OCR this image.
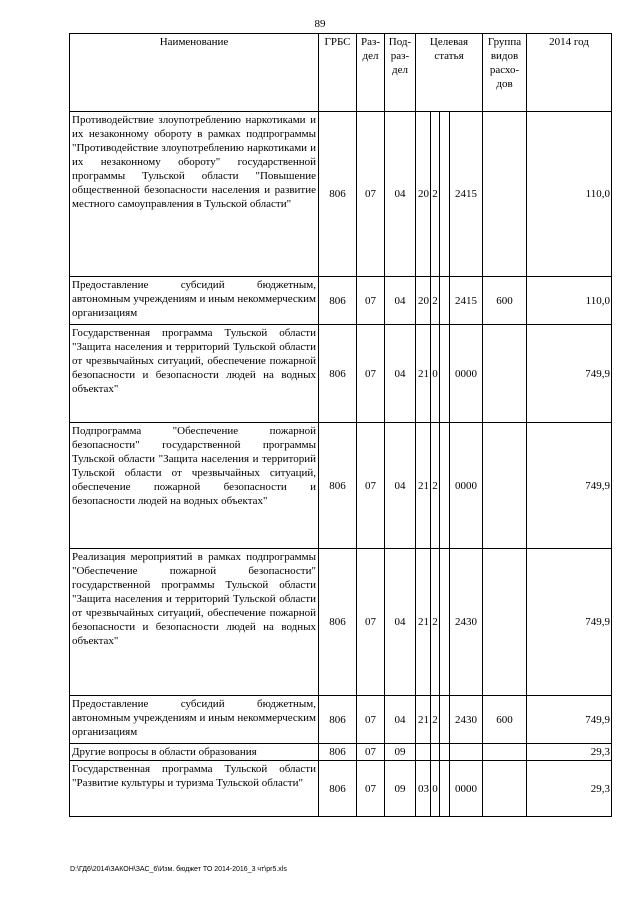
89
Наименование	ГРБС	Раз-дел	Под-раз-дел	Целевая статья				Группа видов расхо-дов	2014 год
Противодействие злоупотреблению наркотиками и их незаконному обороту в рамках подпрограммы "Противодействие злоупотреблению наркотиками и их незаконному обороту" государственной программы Тульской области "Повышение общественной безопасности населения и развитие местного самоуправления в Тульской области"	806	07	04	20	2		2415		110,0
Предоставление субсидий бюджетным, автономным учреждениям и иным некоммерческим организациям	806	07	04	20	2		2415	600	110,0
Государственная программа Тульской области "Защита населения и территорий Тульской области от чрезвычайных ситуаций, обеспечение пожарной безопасности и безопасности людей на водных объектах"	806	07	04	21	0		0000		749,9
Подпрограмма "Обеспечение пожарной безопасности" государственной программы Тульской области "Защита населения и территорий Тульской области от чрезвычайных ситуаций, обеспечение пожарной безопасности и безопасности людей на водных объектах"	806	07	04	21	2		0000		749,9
Реализация мероприятий в рамках подпрограммы "Обеспечение пожарной безопасности" государственной программы Тульской области "Защита населения и территорий Тульской области от чрезвычайных ситуаций, обеспечение пожарной безопасности и безопасности людей на водных объектах"	806	07	04	21	2		2430		749,9
Предоставление субсидий бюджетным, автономным учреждениям и иным некоммерческим организациям	806	07	04	21	2		2430	600	749,9
Другие вопросы в области образования	806	07	09						29,3
Государственная программа Тульской области "Развитие культуры и туризма Тульской области"	806	07	09	03	0		0000		29,3
D:\ГД6\2014\ЗАКОН\ЗАС_6\Изм. бюджет ТО 2014-2016_3 чт\pr5.xls
